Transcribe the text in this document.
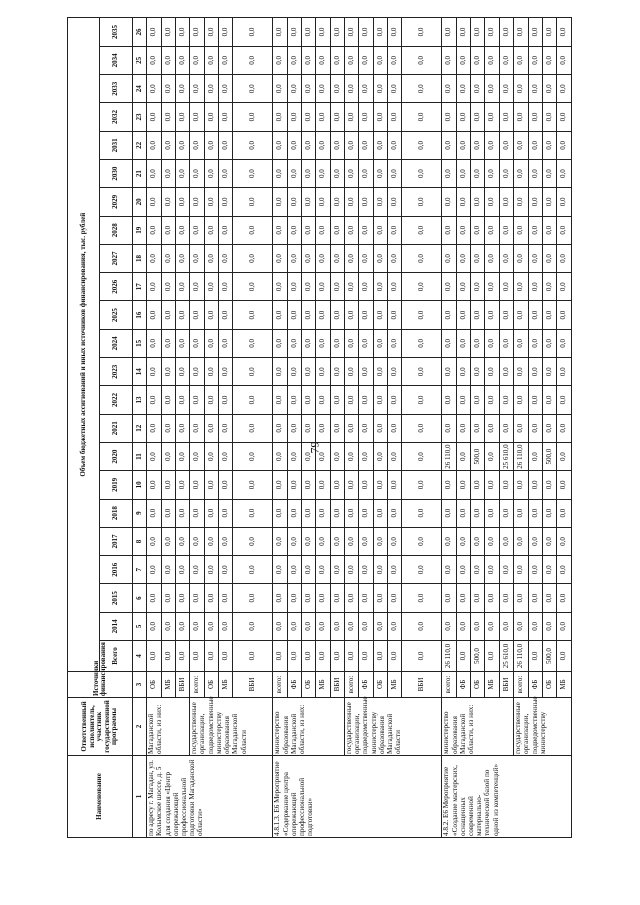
79
Наименование	Ответственный исполнитель, участник государственной программы	Источники финансирования	Объем бюджетных ассигнований и иных источников финансирования, тыс. рублей																						
			Всего	2014	2015	2016	2017	2018	2019	2020	2021	2022	2023	2024	2025	2026	2027	2028	2029	2030	2031	2032	2033	2034	2035
1	2	3	4	5	6	7	8	9	10	11	12	13	14	15	16	17	18	19	20	21	22	23	24	25	26
по адресу г. Магадан, ул. Колымское шоссе, д. 5 для создания «Центр опережающей профессиональной подготовки Магаданской области»	Магаданской области, из них:	ОБ	0,0	0,0	0,0	0,0	0,0	0,0	0,0	0,0	0,0	0,0	0,0	0,0	0,0	0,0	0,0	0,0	0,0	0,0	0,0	0,0	0,0	0,0	0,0
		МБ	0,0	0,0	0,0	0,0	0,0	0,0	0,0	0,0	0,0	0,0	0,0	0,0	0,0	0,0	0,0	0,0	0,0	0,0	0,0	0,0	0,0	0,0	0,0
		ВБИ	0,0	0,0	0,0	0,0	0,0	0,0	0,0	0,0	0,0	0,0	0,0	0,0	0,0	0,0	0,0	0,0	0,0	0,0	0,0	0,0	0,0	0,0	0,0
	государственные организации, подведомственные министерству образования Магаданской области	всего:	0,0	0,0	0,0	0,0	0,0	0,0	0,0	0,0	0,0	0,0	0,0	0,0	0,0	0,0	0,0	0,0	0,0	0,0	0,0	0,0	0,0	0,0	0,0
		ОБ	0,0	0,0	0,0	0,0	0,0	0,0	0,0	0,0	0,0	0,0	0,0	0,0	0,0	0,0	0,0	0,0	0,0	0,0	0,0	0,0	0,0	0,0	0,0
		МБ	0,0	0,0	0,0	0,0	0,0	0,0	0,0	0,0	0,0	0,0	0,0	0,0	0,0	0,0	0,0	0,0	0,0	0,0	0,0	0,0	0,0	0,0	0,0
		ВБИ	0,0	0,0	0,0	0,0	0,0	0,0	0,0	0,0	0,0	0,0	0,0	0,0	0,0	0,0	0,0	0,0	0,0	0,0	0,0	0,0	0,0	0,0	0,0
4.8.1.3. Е6 Мероприятие «Содержание центра опережающей профессиональной подготовки»	министерство образования Магаданской области, из них:	всего:	0,0	0,0	0,0	0,0	0,0	0,0	0,0	0,0	0,0	0,0	0,0	0,0	0,0	0,0	0,0	0,0	0,0	0,0	0,0	0,0	0,0	0,0	0,0
		ФБ	0,0	0,0	0,0	0,0	0,0	0,0	0,0	0,0	0,0	0,0	0,0	0,0	0,0	0,0	0,0	0,0	0,0	0,0	0,0	0,0	0,0	0,0	0,0
		ОБ	0,0	0,0	0,0	0,0	0,0	0,0	0,0	0,0	0,0	0,0	0,0	0,0	0,0	0,0	0,0	0,0	0,0	0,0	0,0	0,0	0,0	0,0	0,0
		МБ	0,0	0,0	0,0	0,0	0,0	0,0	0,0	0,0	0,0	0,0	0,0	0,0	0,0	0,0	0,0	0,0	0,0	0,0	0,0	0,0	0,0	0,0	0,0
		ВБИ	0,0	0,0	0,0	0,0	0,0	0,0	0,0	0,0	0,0	0,0	0,0	0,0	0,0	0,0	0,0	0,0	0,0	0,0	0,0	0,0	0,0	0,0	0,0
	государственные организации, подведомственные министерству образования Магаданской области	всего:	0,0	0,0	0,0	0,0	0,0	0,0	0,0	0,0	0,0	0,0	0,0	0,0	0,0	0,0	0,0	0,0	0,0	0,0	0,0	0,0	0,0	0,0	0,0
		ФБ	0,0	0,0	0,0	0,0	0,0	0,0	0,0	0,0	0,0	0,0	0,0	0,0	0,0	0,0	0,0	0,0	0,0	0,0	0,0	0,0	0,0	0,0	0,0
		ОБ	0,0	0,0	0,0	0,0	0,0	0,0	0,0	0,0	0,0	0,0	0,0	0,0	0,0	0,0	0,0	0,0	0,0	0,0	0,0	0,0	0,0	0,0	0,0
		МБ	0,0	0,0	0,0	0,0	0,0	0,0	0,0	0,0	0,0	0,0	0,0	0,0	0,0	0,0	0,0	0,0	0,0	0,0	0,0	0,0	0,0	0,0	0,0
		ВБИ	0,0	0,0	0,0	0,0	0,0	0,0	0,0	0,0	0,0	0,0	0,0	0,0	0,0	0,0	0,0	0,0	0,0	0,0	0,0	0,0	0,0	0,0	0,0
4.8.2. Е6 Мероприятие «Создание мастерских, оснащенных современной материально-технической базой по одной из компетенций»	министерство образования Магаданской области, из них:	всего:	26 110,0	0,0	0,0	0,0	0,0	0,0	0,0	26 110,0	0,0	0,0	0,0	0,0	0,0	0,0	0,0	0,0	0,0	0,0	0,0	0,0	0,0	0,0	0,0
		ФБ	0,0	0,0	0,0	0,0	0,0	0,0	0,0	0,0	0,0	0,0	0,0	0,0	0,0	0,0	0,0	0,0	0,0	0,0	0,0	0,0	0,0	0,0	0,0
		ОБ	500,0	0,0	0,0	0,0	0,0	0,0	0,0	500,0	0,0	0,0	0,0	0,0	0,0	0,0	0,0	0,0	0,0	0,0	0,0	0,0	0,0	0,0	0,0
		МБ	0,0	0,0	0,0	0,0	0,0	0,0	0,0	0,0	0,0	0,0	0,0	0,0	0,0	0,0	0,0	0,0	0,0	0,0	0,0	0,0	0,0	0,0	0,0
		ВБИ	25 610,0	0,0	0,0	0,0	0,0	0,0	0,0	25 610,0	0,0	0,0	0,0	0,0	0,0	0,0	0,0	0,0	0,0	0,0	0,0	0,0	0,0	0,0	0,0
	государственные организации, подведомственные министерству	всего:	26 110,0	0,0	0,0	0,0	0,0	0,0	0,0	26 110,0	0,0	0,0	0,0	0,0	0,0	0,0	0,0	0,0	0,0	0,0	0,0	0,0	0,0	0,0	0,0
		ФБ	0,0	0,0	0,0	0,0	0,0	0,0	0,0	0,0	0,0	0,0	0,0	0,0	0,0	0,0	0,0	0,0	0,0	0,0	0,0	0,0	0,0	0,0	0,0
		ОБ	500,0	0,0	0,0	0,0	0,0	0,0	0,0	500,0	0,0	0,0	0,0	0,0	0,0	0,0	0,0	0,0	0,0	0,0	0,0	0,0	0,0	0,0	0,0
		МБ	0,0	0,0	0,0	0,0	0,0	0,0	0,0	0,0	0,0	0,0	0,0	0,0	0,0	0,0	0,0	0,0	0,0	0,0	0,0	0,0	0,0	0,0	0,0
